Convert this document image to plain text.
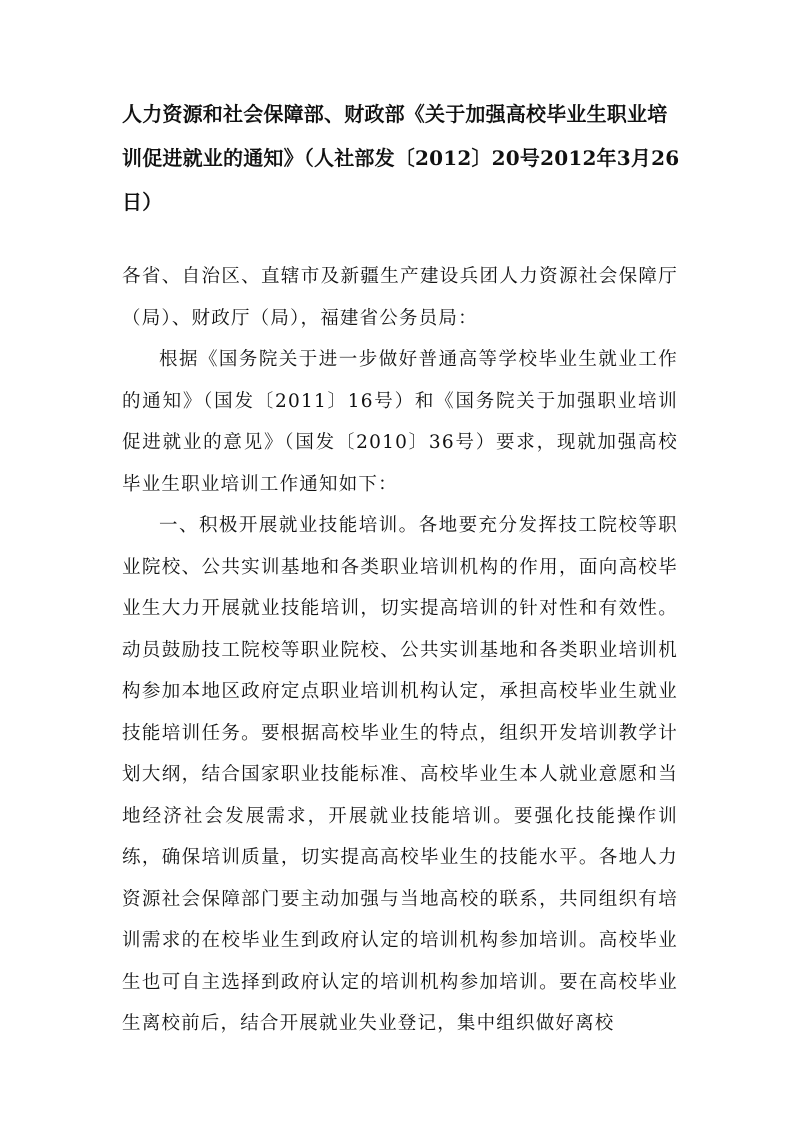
人力资源和社会保障部、财政部《关于加强高校毕业生职业培训促进就业的通知》（人社部发〔2012〕20号2012年3月26日）

各省、自治区、直辖市及新疆生产建设兵团人力资源社会保障厅（局）、财政厅（局），福建省公务员局：

根据《国务院关于进一步做好普通高等学校毕业生就业工作的通知》（国发〔2011〕16号）和《国务院关于加强职业培训促进就业的意见》（国发〔2010〕36号）要求，现就加强高校毕业生职业培训工作通知如下：

一、积极开展就业技能培训。各地要充分发挥技工院校等职业院校、公共实训基地和各类职业培训机构的作用，面向高校毕业生大力开展就业技能培训，切实提高培训的针对性和有效性。动员鼓励技工院校等职业院校、公共实训基地和各类职业培训机构参加本地区政府定点职业培训机构认定，承担高校毕业生就业技能培训任务。要根据高校毕业生的特点，组织开发培训教学计划大纲，结合国家职业技能标准、高校毕业生本人就业意愿和当地经济社会发展需求，开展就业技能培训。要强化技能操作训练，确保培训质量，切实提高高校毕业生的技能水平。各地人力资源社会保障部门要主动加强与当地高校的联系，共同组织有培训需求的在校毕业生到政府认定的培训机构参加培训。高校毕业生也可自主选择到政府认定的培训机构参加培训。要在高校毕业生离校前后，结合开展就业失业登记，集中组织做好离校
